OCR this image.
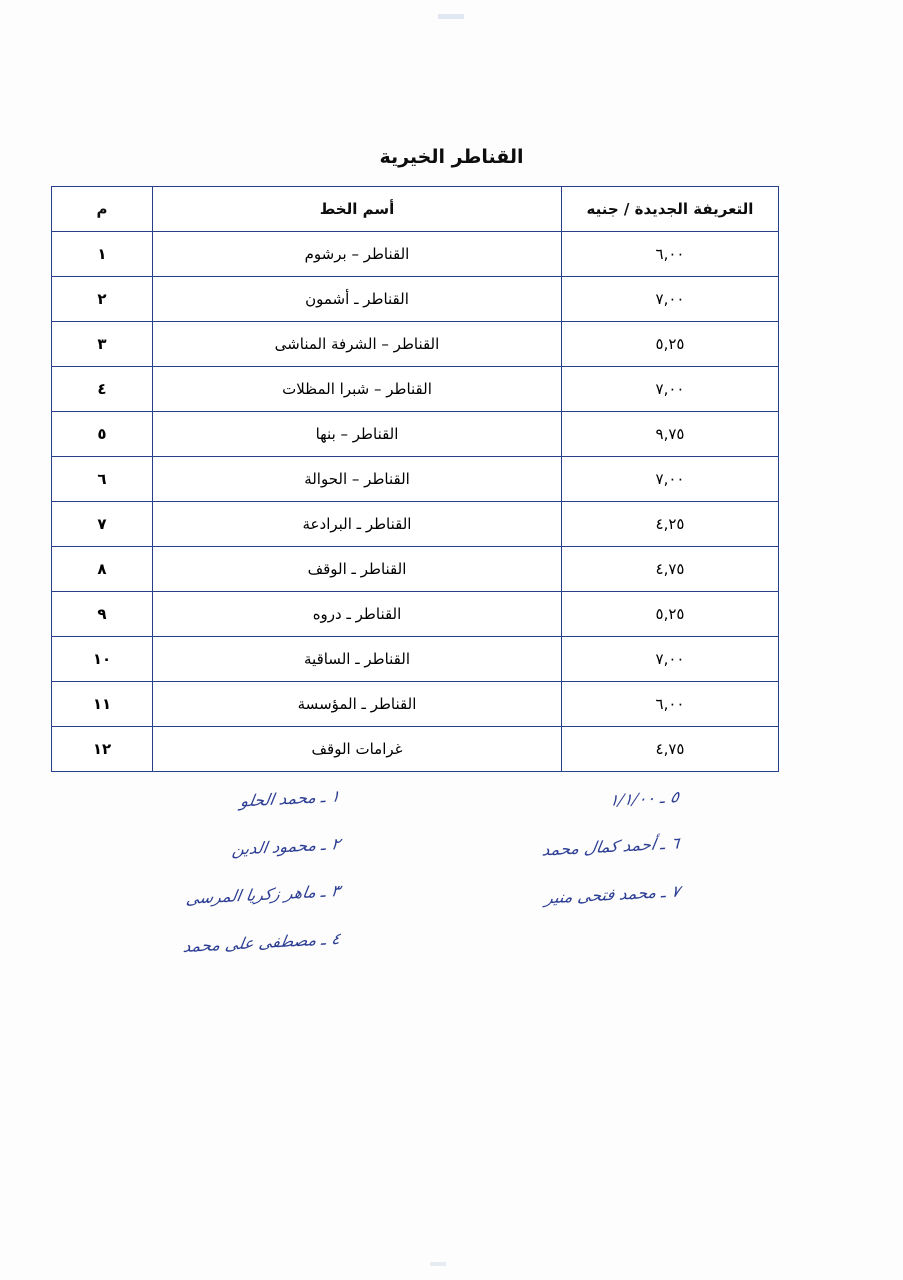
القناطر الخيرية
التعريفة الجديدة / جنيه	أسم الخط	م
٦,٠٠	القناطر – برشوم	١
٧,٠٠	القناطر ـ أشمون	٢
٥,٢٥	القناطر – الشرفة المناشى	٣
٧,٠٠	القناطر – شبرا المظلات	٤
٩,٧٥	القناطر – بنها	٥
٧,٠٠	القناطر – الحوالة	٦
٤,٢٥	القناطر ـ البرادعة	٧
٤,٧٥	القناطر ـ الوقف	٨
٥,٢٥	القناطر ـ دروه	٩
٧,٠٠	القناطر ـ الساقية	١٠
٦,٠٠	القناطر ـ المؤسسة	١١
٤,٧٥	غرامات الوقف	١٢
١ ـ محمد الحلو
٢ ـ محمود الدين
٣ ـ ماهر زكريا المرسى
٤ ـ مصطفى على محمد
٥ ـ ١/١/٠٠
٦ ـ أحمد كمال محمد
٧ ـ محمد فتحى منير
